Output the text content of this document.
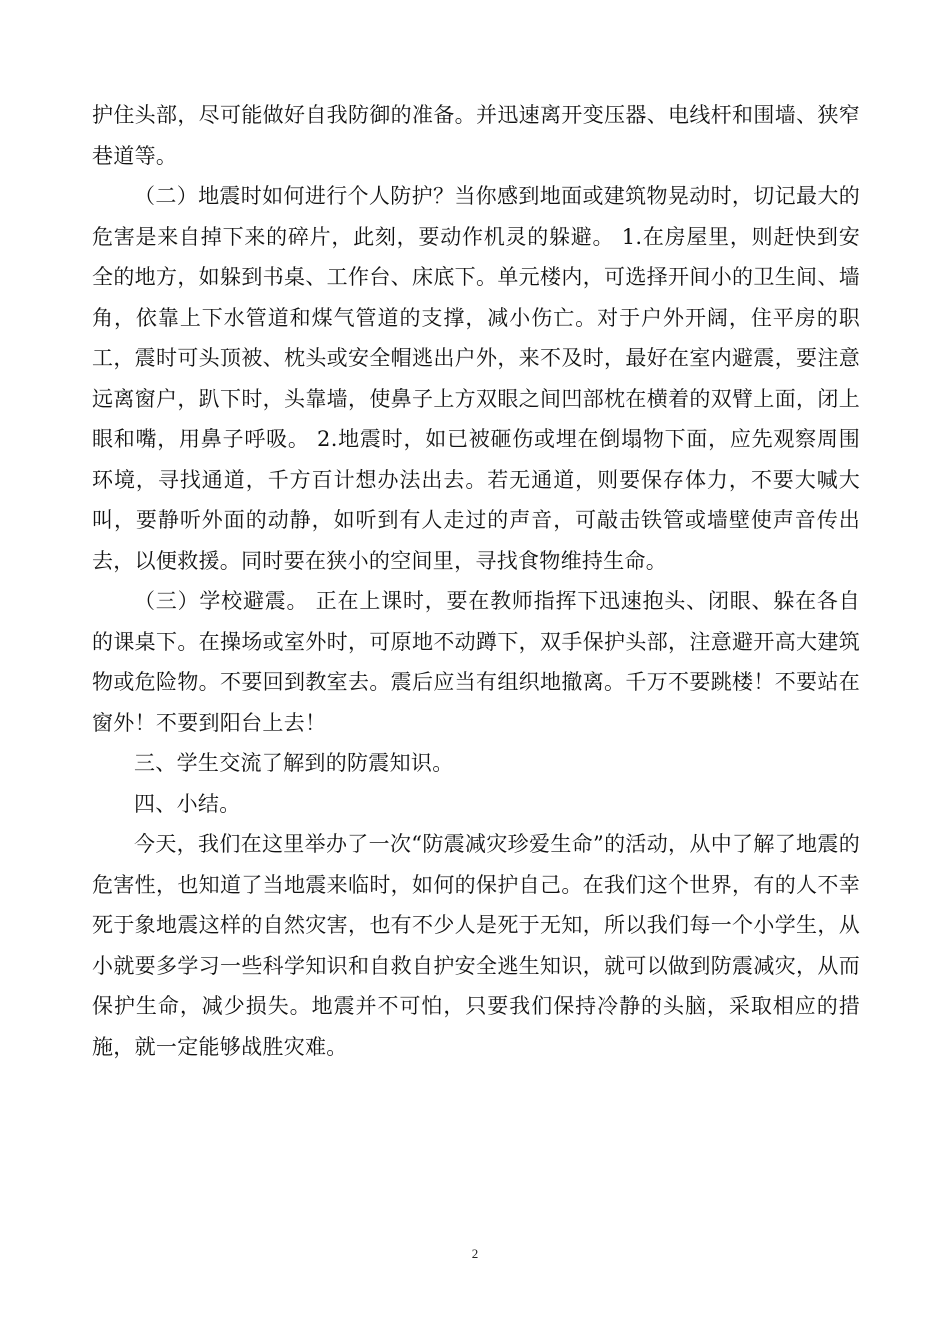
护住头部，尽可能做好自我防御的准备。并迅速离开变压器、电线杆和围墙、狭窄巷道等。

（二）地震时如何进行个人防护？当你感到地面或建筑物晃动时，切记最大的危害是来自掉下来的碎片，此刻，要动作机灵的躲避。 1.在房屋里，则赶快到安全的地方，如躲到书桌、工作台、床底下。单元楼内，可选择开间小的卫生间、墙角，依靠上下水管道和煤气管道的支撑，减小伤亡。对于户外开阔，住平房的职工，震时可头顶被、枕头或安全帽逃出户外，来不及时，最好在室内避震，要注意远离窗户，趴下时，头靠墙，使鼻子上方双眼之间凹部枕在横着的双臂上面，闭上眼和嘴，用鼻子呼吸。 2.地震时，如已被砸伤或埋在倒塌物下面，应先观察周围环境，寻找通道，千方百计想办法出去。若无通道，则要保存体力，不要大喊大叫，要静听外面的动静，如听到有人走过的声音，可敲击铁管或墙壁使声音传出去，以便救援。同时要在狭小的空间里，寻找食物维持生命。

（三）学校避震。 正在上课时，要在教师指挥下迅速抱头、闭眼、躲在各自的课桌下。在操场或室外时，可原地不动蹲下，双手保护头部，注意避开高大建筑物或危险物。不要回到教室去。震后应当有组织地撤离。千万不要跳楼！不要站在窗外！不要到阳台上去！

三、学生交流了解到的防震知识。

四、小结。

今天，我们在这里举办了一次“防震减灾珍爱生命”的活动，从中了解了地震的危害性，也知道了当地震来临时，如何的保护自己。在我们这个世界，有的人不幸死于象地震这样的自然灾害，也有不少人是死于无知，所以我们每一个小学生，从小就要多学习一些科学知识和自救自护安全逃生知识，就可以做到防震减灾，从而保护生命，减少损失。地震并不可怕，只要我们保持冷静的头脑，采取相应的措施，就一定能够战胜灾难。

2
